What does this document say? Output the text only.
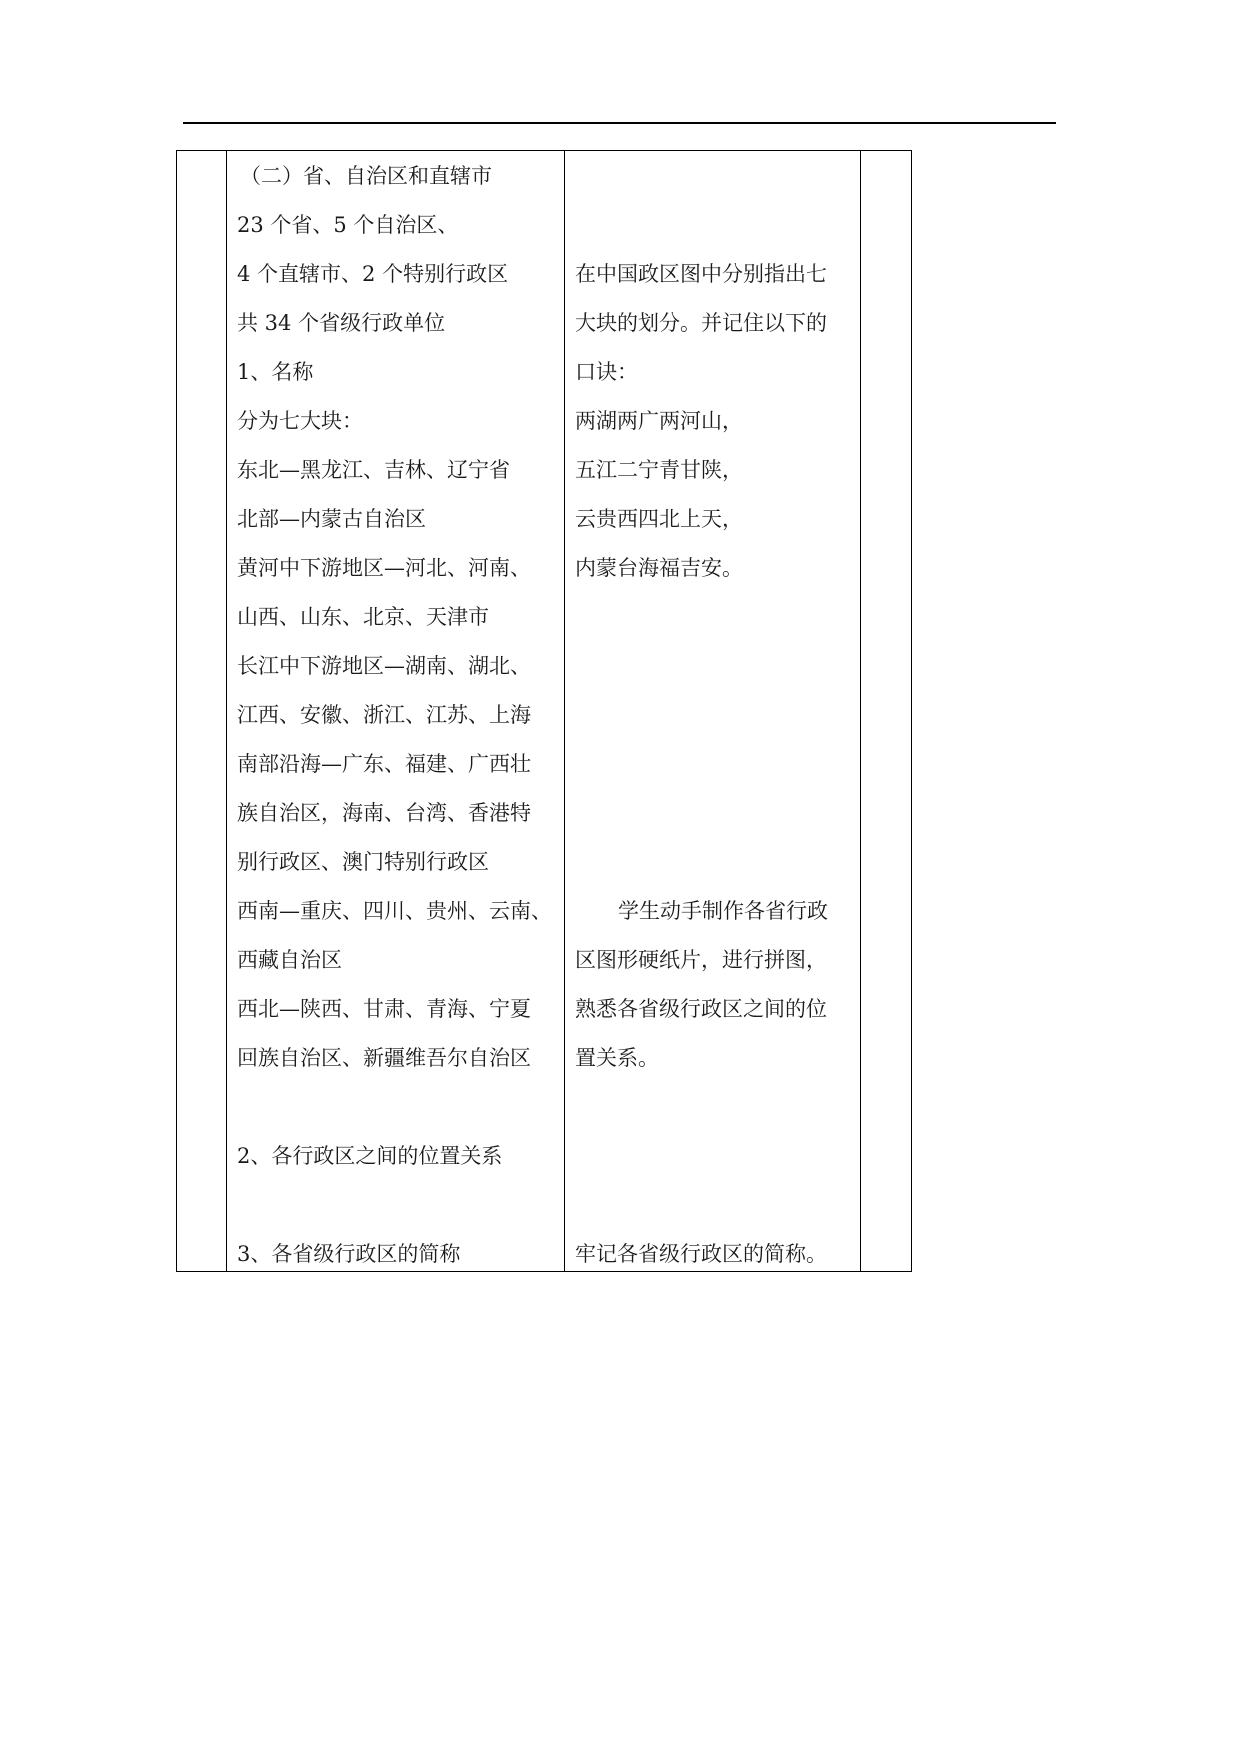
（二）省、自治区和直辖市
23 个省、5 个自治区、
4 个直辖市、2 个特别行政区
共 34 个省级行政单位
1、名称
分为七大块：
东北—黑龙江、吉林、辽宁省
北部—内蒙古自治区
黄河中下游地区—河北、河南、
山西、山东、北京、天津市
长江中下游地区—湖南、湖北、
江西、安徽、浙江、江苏、上海
南部沿海—广东、福建、广西壮
族自治区，海南、台湾、香港特
别行政区、澳门特别行政区
西南—重庆、四川、贵州、云南、
西藏自治区
西北—陕西、甘肃、青海、宁夏
回族自治区、新疆维吾尔自治区
2、各行政区之间的位置关系
3、各省级行政区的简称
在中国政区图中分别指出七
大块的划分。并记住以下的
口诀：
两湖两广两河山，
五江二宁青甘陕，
云贵西四北上天，
内蒙台海福吉安。
学生动手制作各省行政
区图形硬纸片，进行拼图，
熟悉各省级行政区之间的位
置关系。
牢记各省级行政区的简称。
